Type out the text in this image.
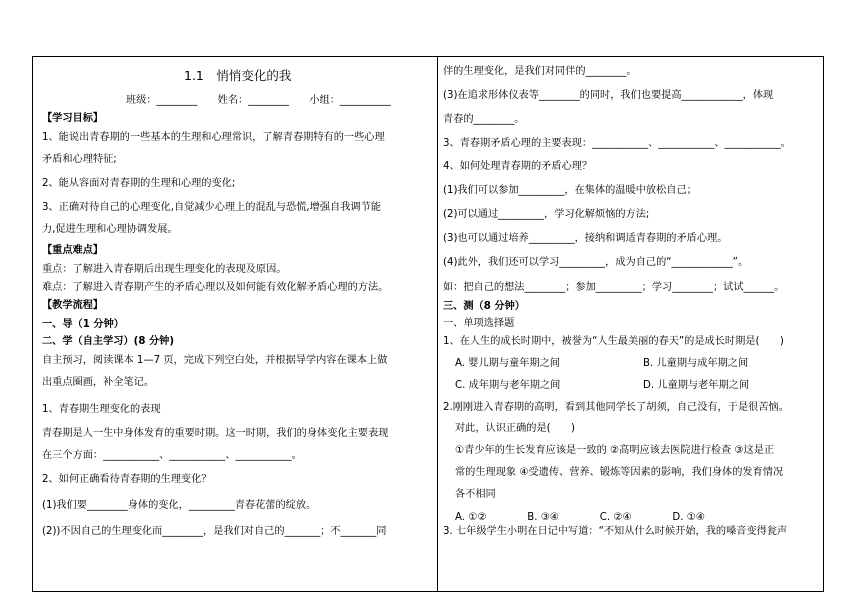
1.1　悄悄变化的我
班级：________　　姓名：________　　小组：__________
【学习目标】
1、能说出青春期的一些基本的生理和心理常识，了解青春期特有的一些心理
矛盾和心理特征;
2、能从容面对青春期的生理和心理的变化;
3、正确对待自己的心理变化,自觉减少心理上的混乱与恐慌,增强自我调节能
力,促进生理和心理协调发展。
【重点难点】
重点：了解进入青春期后出现生理变化的表现及原因。
难点：了解进入青春期产生的矛盾心理以及如何能有效化解矛盾心理的方法。
【教学流程】
一、导（1 分钟）
二、学（自主学习）(8 分钟)
自主预习，阅读课本 1—7 页，完成下列空白处，并根据导学内容在课本上做
出重点圈画，补全笔记。
1、青春期生理变化的表现
青春期是人一生中身体发育的重要时期。这一时期，我们的身体变化主要表现
在三个方面：___________、___________、___________。
2、如何正确看待青春期的生理变化？
(1)我们要________身体的变化，_________青春花蕾的绽放。
(2))不因自己的生理变化而________，是我们对自己的_______；不_______同
伴的生理变化，是我们对同伴的________。
(3)在追求形体仪表等________的同时，我们也要提高____________，体现
青春的________。
3、青春期矛盾心理的主要表现：___________、___________、___________。
4、如何处理青春期的矛盾心理？
(1)我们可以参加_________，在集体的温暖中放松自己；
(2)可以通过_________，学习化解烦恼的方法;
(3)也可以通过培养_________，接纳和调适青春期的矛盾心理。
(4)此外，我们还可以学习_________，成为自己的“____________”。
如：把自己的想法________；参加_________；学习________；试试______。
三、测（8 分钟）
一、单项选择题
1、在人生的成长时期中，被誉为“人生最美丽的春天”的是成长时期是(　　)
A. 婴儿期与童年期之间	B. 儿童期与成年期之间
C. 成年期与老年期之间	D. 儿童期与老年期之间
2.刚刚进入青春期的高明，看到其他同学长了胡须，自己没有，于是很苦恼。
对此，认识正确的是(　　)
①青少年的生长发育应该是一致的 ②高明应该去医院进行检查 ③这是正
常的生理现象 ④受遗传、营养、锻炼等因素的影响，我们身体的发育情况
各不相同
A. ①②　　　　B. ③④　　　　C. ②④　　　　D. ①④
3. 七年级学生小明在日记中写道：“不知从什么时候开始，我的嗓音变得瓮声
